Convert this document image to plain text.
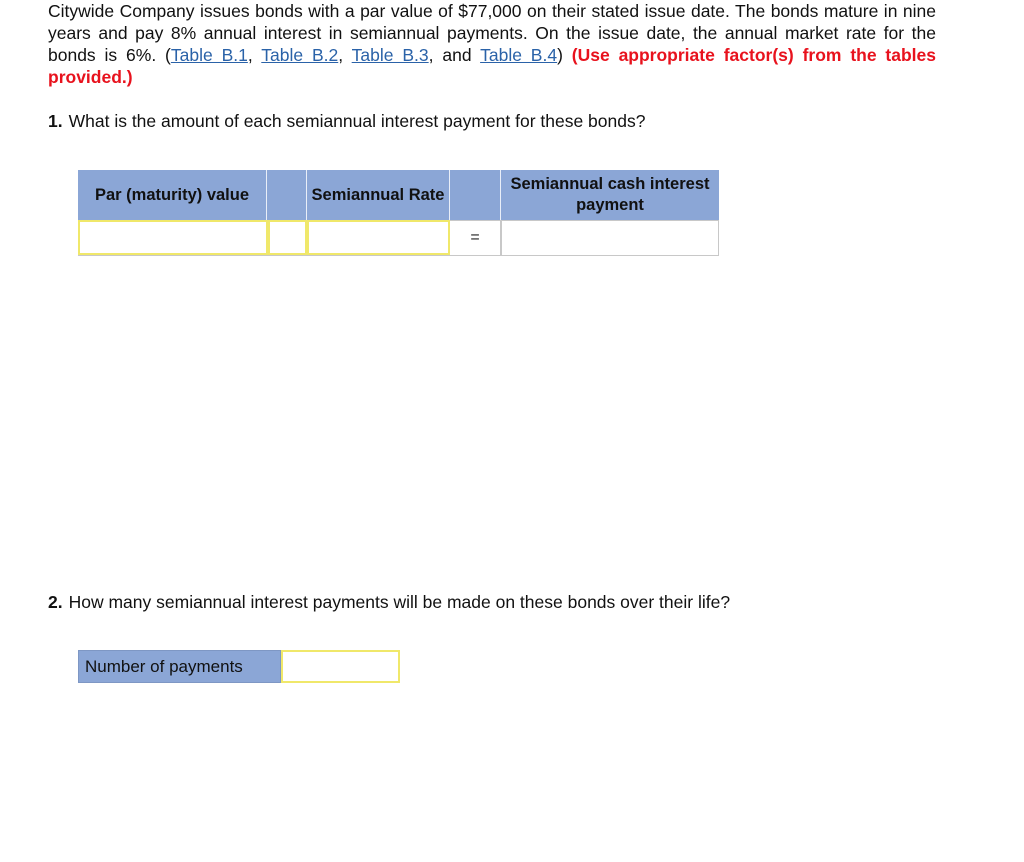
Citywide Company issues bonds with a par value of $77,000 on their stated issue date. The bonds mature in nine years and pay 8% annual interest in semiannual payments. On the issue date, the annual market rate for the bonds is 6%. (Table B.1, Table B.2, Table B.3, and Table B.4) (Use appropriate factor(s) from the tables provided.)
1. What is the amount of each semiannual interest payment for these bonds?
Par (maturity) value	Semiannual Rate
Semiannual cash interest payment
=
2. How many semiannual interest payments will be made on these bonds over their life?
Number of payments
